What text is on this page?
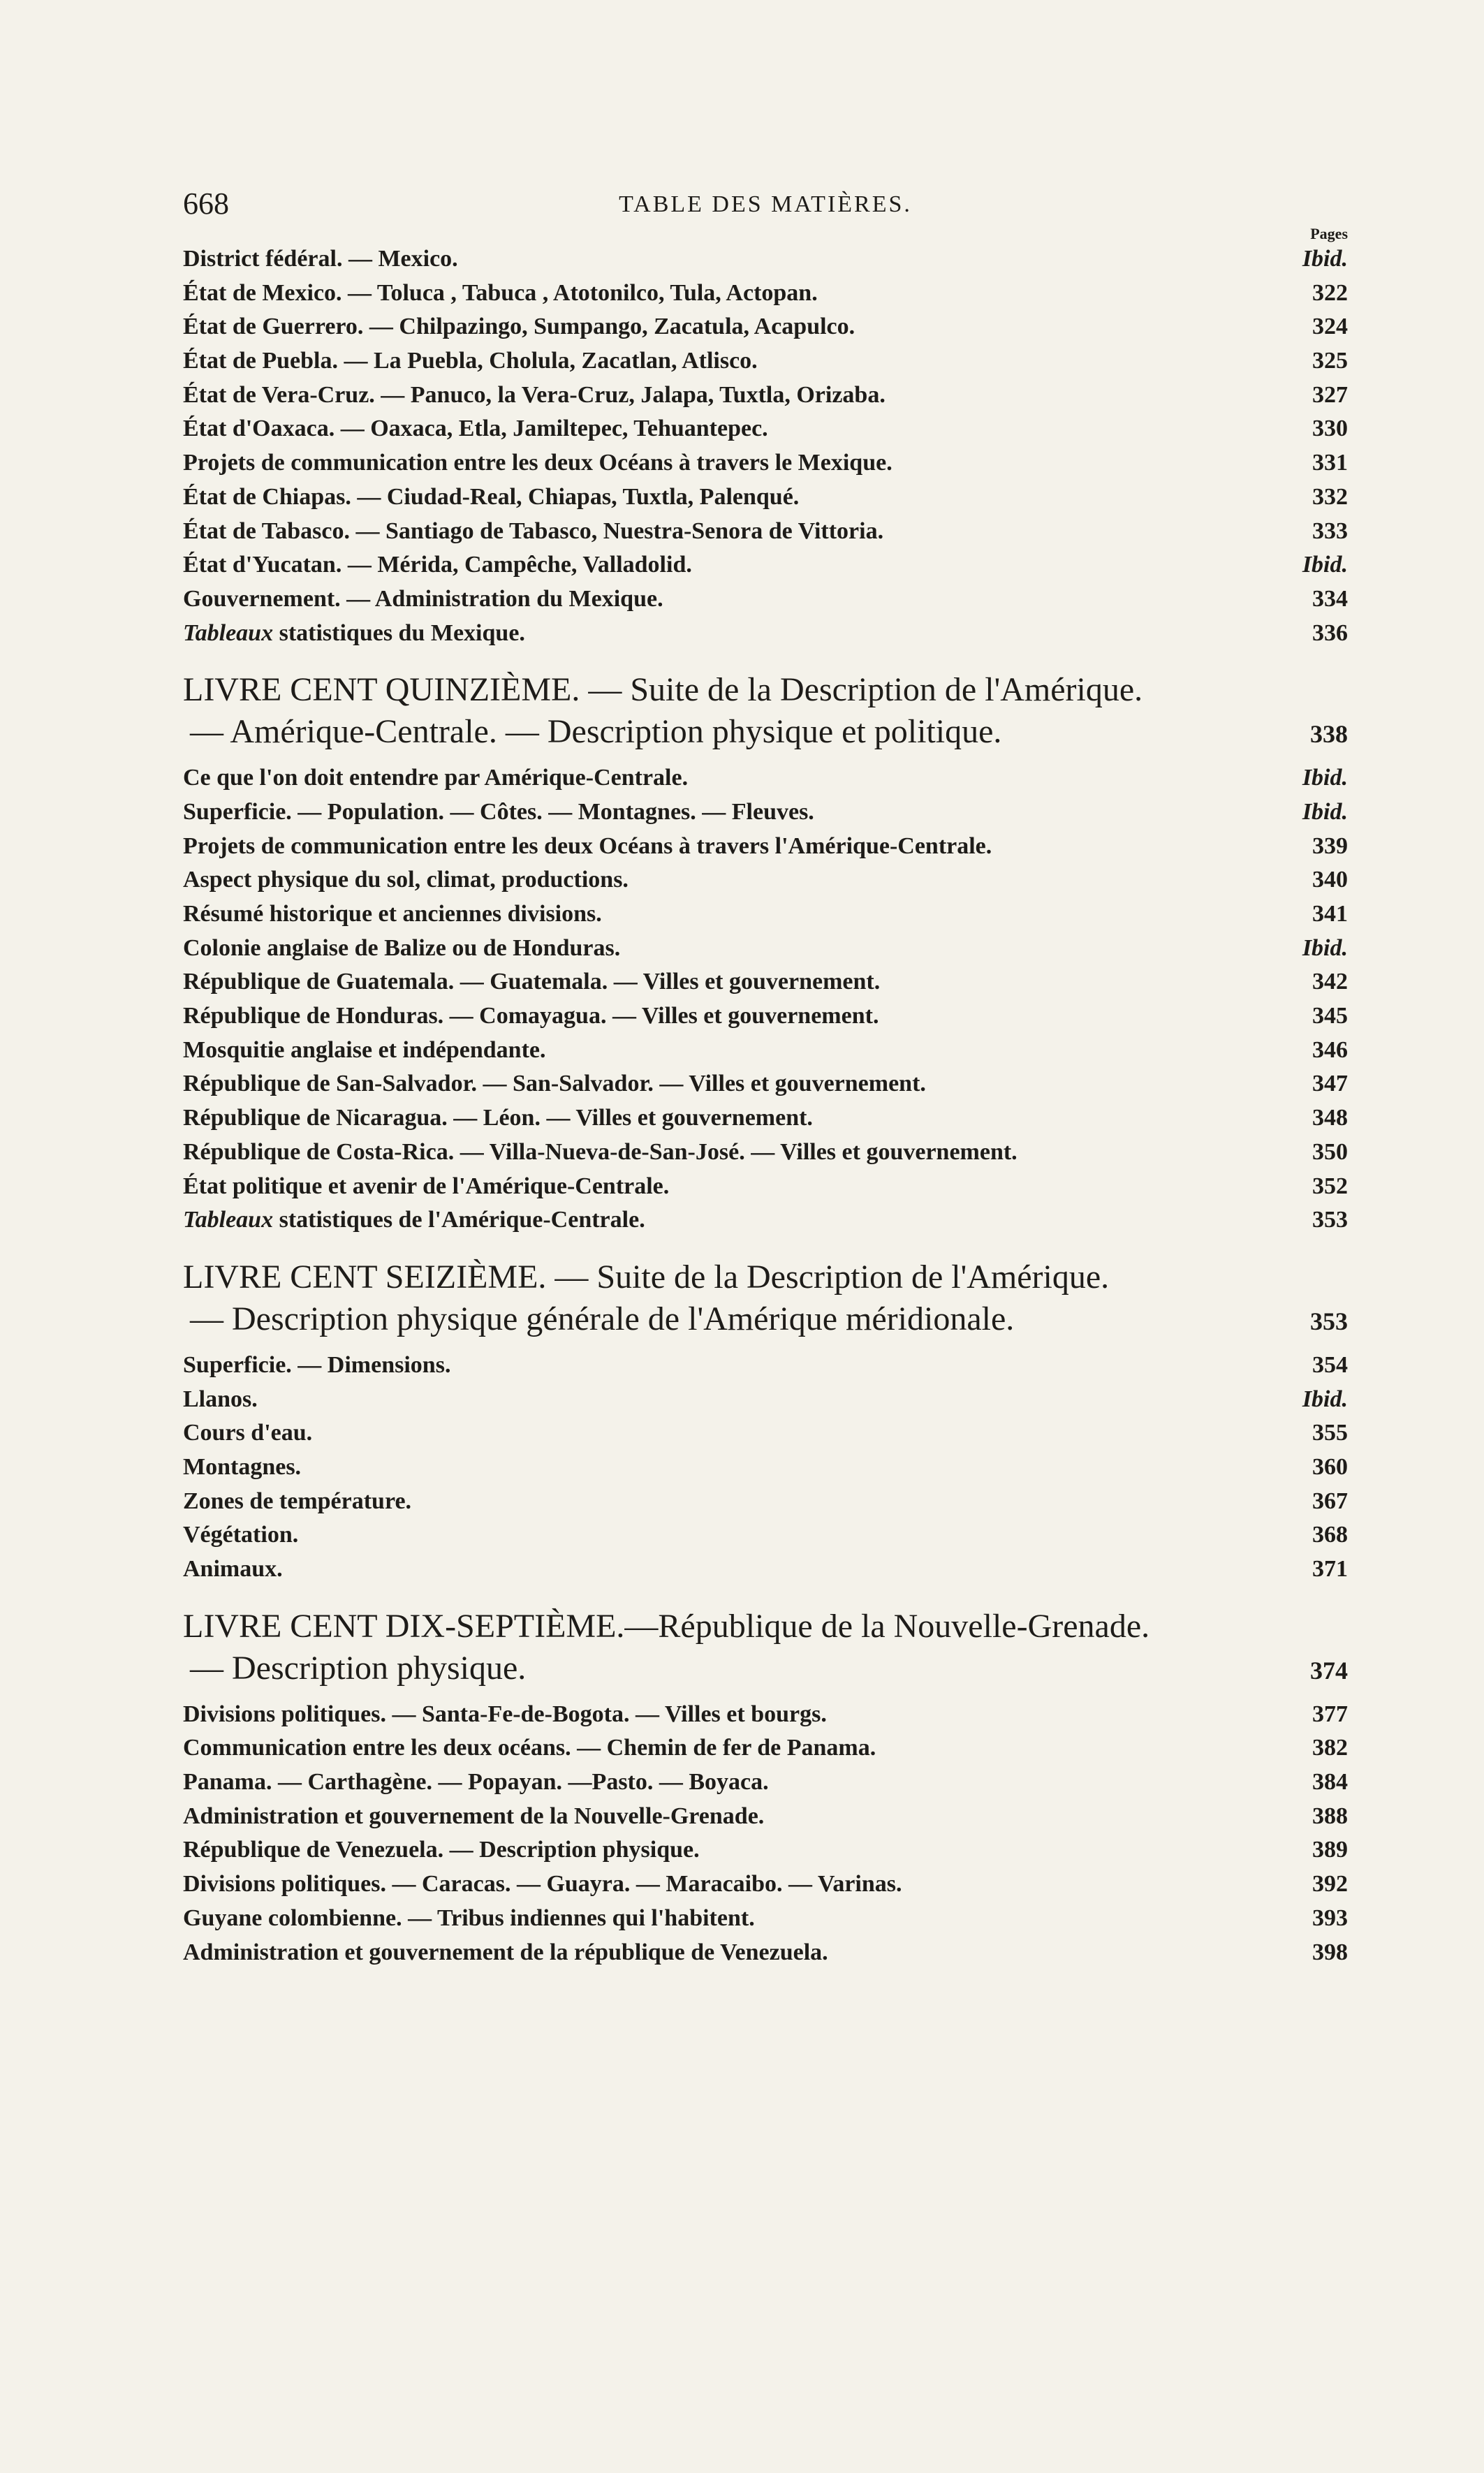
668	TABLE DES MATIÈRES.
Pages
District fédéral. — Mexico.	Ibid.
État de Mexico. — Toluca , Tabuca , Atotonilco, Tula, Actopan.	322
État de Guerrero. — Chilpazingo, Sumpango, Zacatula, Acapulco.	324
État de Puebla. — La Puebla, Cholula, Zacatlan, Atlisco.	325
État de Vera-Cruz. — Panuco, la Vera-Cruz, Jalapa, Tuxtla, Orizaba.	327
État d'Oaxaca. — Oaxaca, Etla, Jamiltepec, Tehuantepec.	330
Projets de communication entre les deux Océans à travers le Mexique.	331
État de Chiapas. — Ciudad-Real, Chiapas, Tuxtla, Palenqué.	332
État de Tabasco. — Santiago de Tabasco, Nuestra-Senora de Vittoria.	333
État d'Yucatan. — Mérida, Campêche, Valladolid.	Ibid.
Gouvernement. — Administration du Mexique.	334
Tableaux statistiques du Mexique.	336
LIVRE CENT QUINZIÈME. — Suite de la Description de l'Amérique.
— Amérique-Centrale. — Description physique et politique.	338
Ce que l'on doit entendre par Amérique-Centrale.	Ibid.
Superficie. — Population. — Côtes. — Montagnes. — Fleuves.	Ibid.
Projets de communication entre les deux Océans à travers l'Amérique-Centrale.	339
Aspect physique du sol, climat, productions.	340
Résumé historique et anciennes divisions.	341
Colonie anglaise de Balize ou de Honduras.	Ibid.
République de Guatemala. — Guatemala. — Villes et gouvernement.	342
République de Honduras. — Comayagua. — Villes et gouvernement.	345
Mosquitie anglaise et indépendante.	346
République de San-Salvador. — San-Salvador. — Villes et gouvernement.	347
République de Nicaragua. — Léon. — Villes et gouvernement.	348
République de Costa-Rica. — Villa-Nueva-de-San-José. — Villes et gouvernement.	350
État politique et avenir de l'Amérique-Centrale.	352
Tableaux statistiques de l'Amérique-Centrale.	353
LIVRE CENT SEIZIÈME. — Suite de la Description de l'Amérique.
— Description physique générale de l'Amérique méridionale.	353
Superficie. — Dimensions.	354
Llanos.	Ibid.
Cours d'eau.	355
Montagnes.	360
Zones de température.	367
Végétation.	368
Animaux.	371
LIVRE CENT DIX-SEPTIÈME.—République de la Nouvelle-Grenade.
— Description physique.	374
Divisions politiques. — Santa-Fe-de-Bogota. — Villes et bourgs.	377
Communication entre les deux océans. — Chemin de fer de Panama.	382
Panama. — Carthagène. — Popayan. —Pasto. — Boyaca.	384
Administration et gouvernement de la Nouvelle-Grenade.	388
République de Venezuela. — Description physique.	389
Divisions politiques. — Caracas. — Guayra. — Maracaibo. — Varinas.	392
Guyane colombienne. — Tribus indiennes qui l'habitent.	393
Administration et gouvernement de la république de Venezuela.	398
